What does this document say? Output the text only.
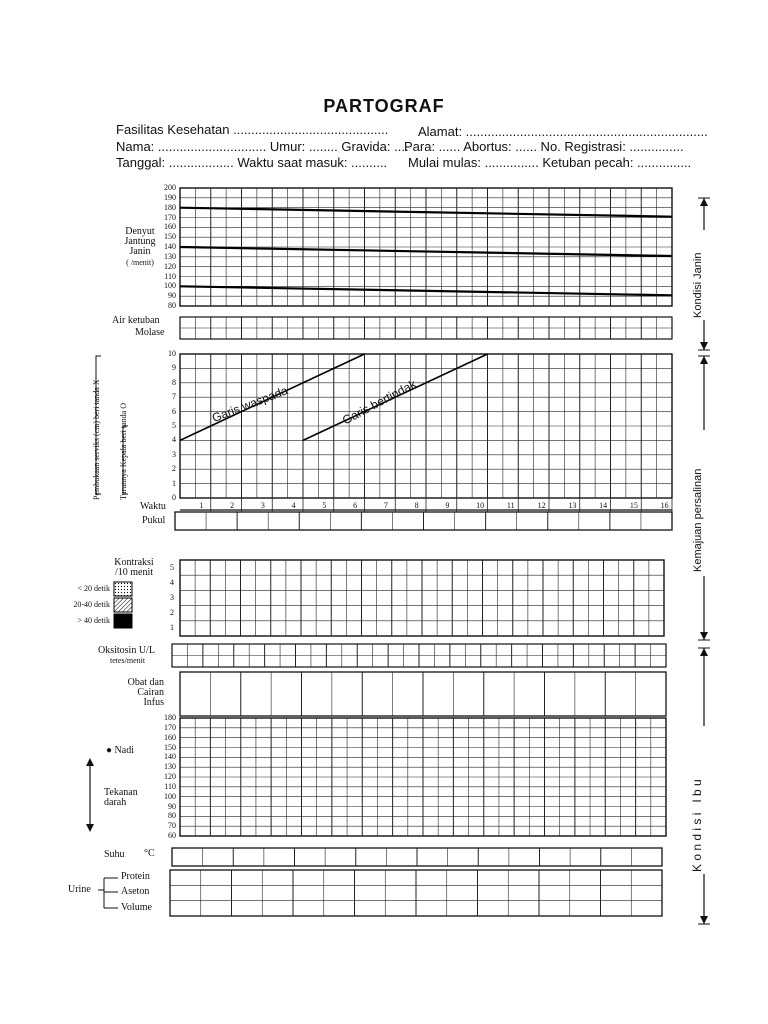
PARTOGRAF
Fasilitas Kesehatan ........................................... Alamat: ...................................................................
Nama: .............................. Umur: ........ Gravida: ....
Para: ...... Abortus: ...... No. Registrasi: ...............
Tanggal: .................. Waktu saat masuk: .......... Mulai mulas: ............... Ketuban pecah: ...............
Denyut
Jantung
Janin
( /menit)
200
190
180
170
160
150
140
130
120
110
100
90
80
Air ketuban
Molase
10
9
8
7
6
5
4
3
2
1
0
Pembukaan serviks (cm) beri tanda X Turunnya Kepala beri tanda O	Garis waspada	Garis bertindak
Waktu
Pukul
1	2	3	4	5	6	7	8	9	10	11	12	13	14	15	16
Kontraksi
/10 menit	5
4
3
2
1
< 20 detik
20-40 detik
> 40 detik
Oksitosin U/L
tetes/menit
Obat dan
Cairan
Infus
180
170
160
150
140
130
120
110
100
90
80
70
60
● Nadi
Tekanan
darah
Suhu °C
Urine
Protein
Aseton
Volume
Kondisi Janin
Kemajuan persalinan
K o n d i s i   I b u
